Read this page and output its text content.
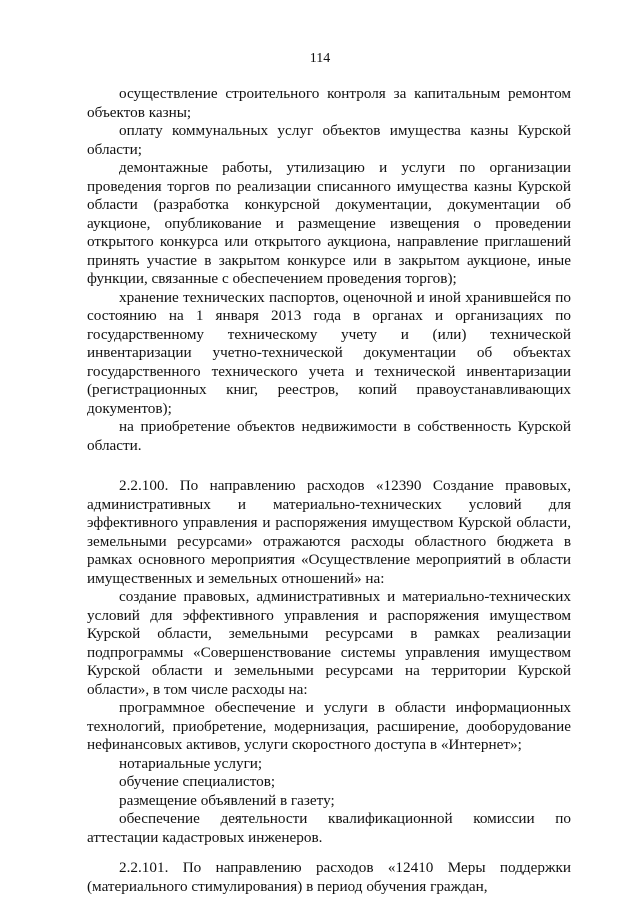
114

осуществление строительного контроля за капитальным ремонтом объектов казны;

оплату коммунальных услуг объектов имущества казны Курской области;

демонтажные работы, утилизацию и услуги по организации проведения торгов по реализации списанного имущества казны Курской области (разработка конкурсной документации, документации об аукционе, опубликование и размещение извещения о проведении открытого конкурса или открытого аукциона, направление приглашений принять участие в закрытом конкурсе или в закрытом аукционе, иные функции, связанные с обеспечением проведения торгов);

хранение технических паспортов, оценочной и иной хранившейся по состоянию на 1 января 2013 года в органах и организациях по государственному техническому учету и (или) технической инвентаризации учетно-технической документации об объектах государственного технического учета и технической инвентаризации (регистрационных книг, реестров, копий правоустанавливающих документов);

на приобретение объектов недвижимости в собственность Курской области.

2.2.100. По направлению расходов «12390 Создание правовых, административных и материально-технических условий для эффективного управления и распоряжения имуществом Курской области, земельными ресурсами» отражаются расходы областного бюджета в рамках основного мероприятия «Осуществление мероприятий в области имущественных и земельных отношений» на:

создание правовых, административных и материально-технических условий для эффективного управления и распоряжения имуществом Курской области, земельными ресурсами в рамках реализации подпрограммы «Совершенствование системы управления имуществом Курской области и земельными ресурсами на территории Курской области», в том числе расходы на:

программное обеспечение и услуги в области информационных технологий, приобретение, модернизация, расширение, дооборудование нефинансовых активов, услуги скоростного доступа в «Интернет»;

нотариальные услуги;

обучение специалистов;

размещение объявлений в газету;

обеспечение деятельности квалификационной комиссии по аттестации кадастровых инженеров.

2.2.101. По направлению расходов «12410 Меры поддержки (материального стимулирования) в период обучения граждан,
